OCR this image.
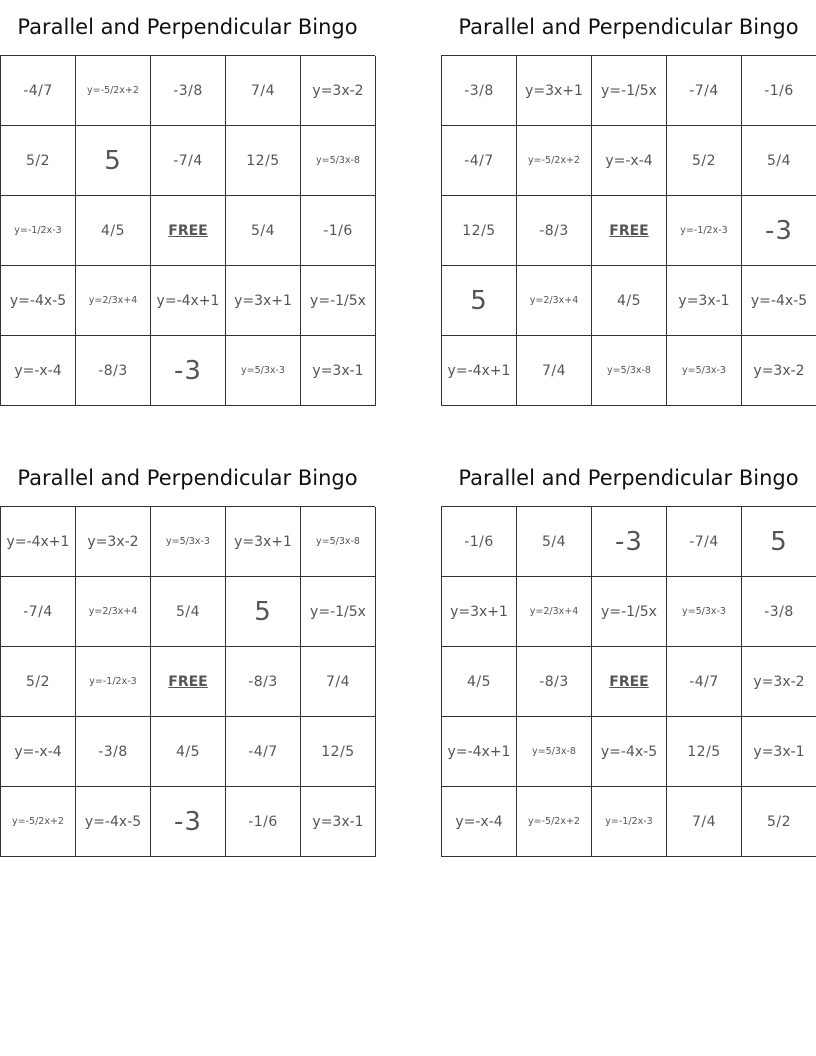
Parallel and Perpendicular Bingo
-4/7	y=-5/2x+2	-3/8	7/4	y=3x-2
5/2	5	-7/4	12/5	y=5/3x-8
y=-1/2x-3	4/5	FREE	5/4	-1/6
y=-4x-5	y=2/3x+4	y=-4x+1	y=3x+1	y=-1/5x
y=-x-4	-8/3	-3	y=5/3x-3	y=3x-1
Parallel and Perpendicular Bingo
-3/8	y=3x+1	y=-1/5x	-7/4	-1/6
-4/7	y=-5/2x+2	y=-x-4	5/2	5/4
12/5	-8/3	FREE	y=-1/2x-3	-3
5	y=2/3x+4	4/5	y=3x-1	y=-4x-5
y=-4x+1	7/4	y=5/3x-8	y=5/3x-3	y=3x-2
Parallel and Perpendicular Bingo
y=-4x+1	y=3x-2	y=5/3x-3	y=3x+1	y=5/3x-8
-7/4	y=2/3x+4	5/4	5	y=-1/5x
5/2	y=-1/2x-3	FREE	-8/3	7/4
y=-x-4	-3/8	4/5	-4/7	12/5
y=-5/2x+2	y=-4x-5	-3	-1/6	y=3x-1
Parallel and Perpendicular Bingo
-1/6	5/4	-3	-7/4	5
y=3x+1	y=2/3x+4	y=-1/5x	y=5/3x-3	-3/8
4/5	-8/3	FREE	-4/7	y=3x-2
y=-4x+1	y=5/3x-8	y=-4x-5	12/5	y=3x-1
y=-x-4	y=-5/2x+2	y=-1/2x-3	7/4	5/2
